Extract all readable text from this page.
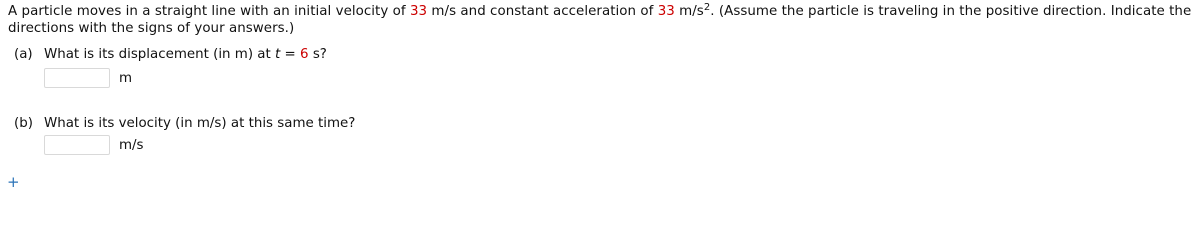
A particle moves in a straight line with an initial velocity of 33 m/s and constant acceleration of 33 $m/s^2$. (Assume the particle is traveling in the positive direction. Indicate the directions with the signs of your answers.)
(a) What is its displacement (in m) at t = 6 s?
m
(b) What is its velocity (in m/s) at this same time?
m/s
+
